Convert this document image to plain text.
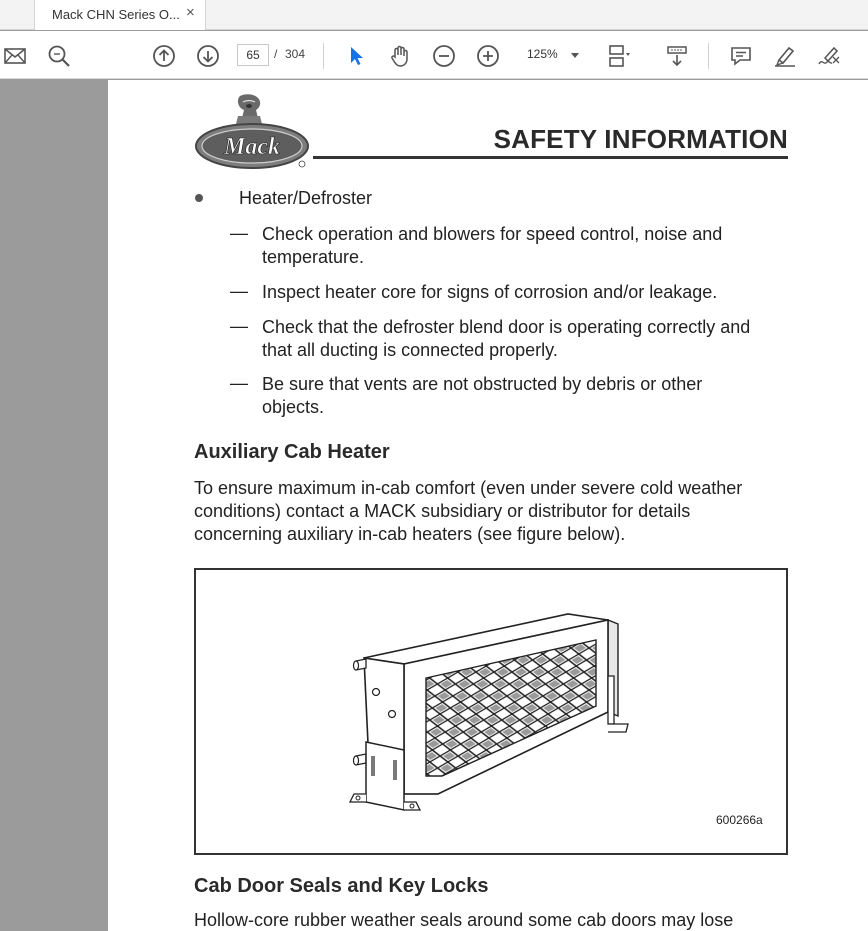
Mack CHN Series O... ×
65	/ 304	125%
Mack	SAFETY INFORMATION
Heater/Defroster
— Check operation and blowers for speed control, noise and
temperature.
— Inspect heater core for signs of corrosion and/or leakage.
— Check that the defroster blend door is operating correctly and
that all ducting is connected properly.
— Be sure that vents are not obstructed by debris or other
objects.
Auxiliary Cab Heater
To ensure maximum in-cab comfort (even under severe cold weather
conditions) contact a MACK subsidiary or distributor for details
concerning auxiliary in-cab heaters (see figure below).
600266a
Cab Door Seals and Key Locks
Hollow-core rubber weather seals around some cab doors may lose
